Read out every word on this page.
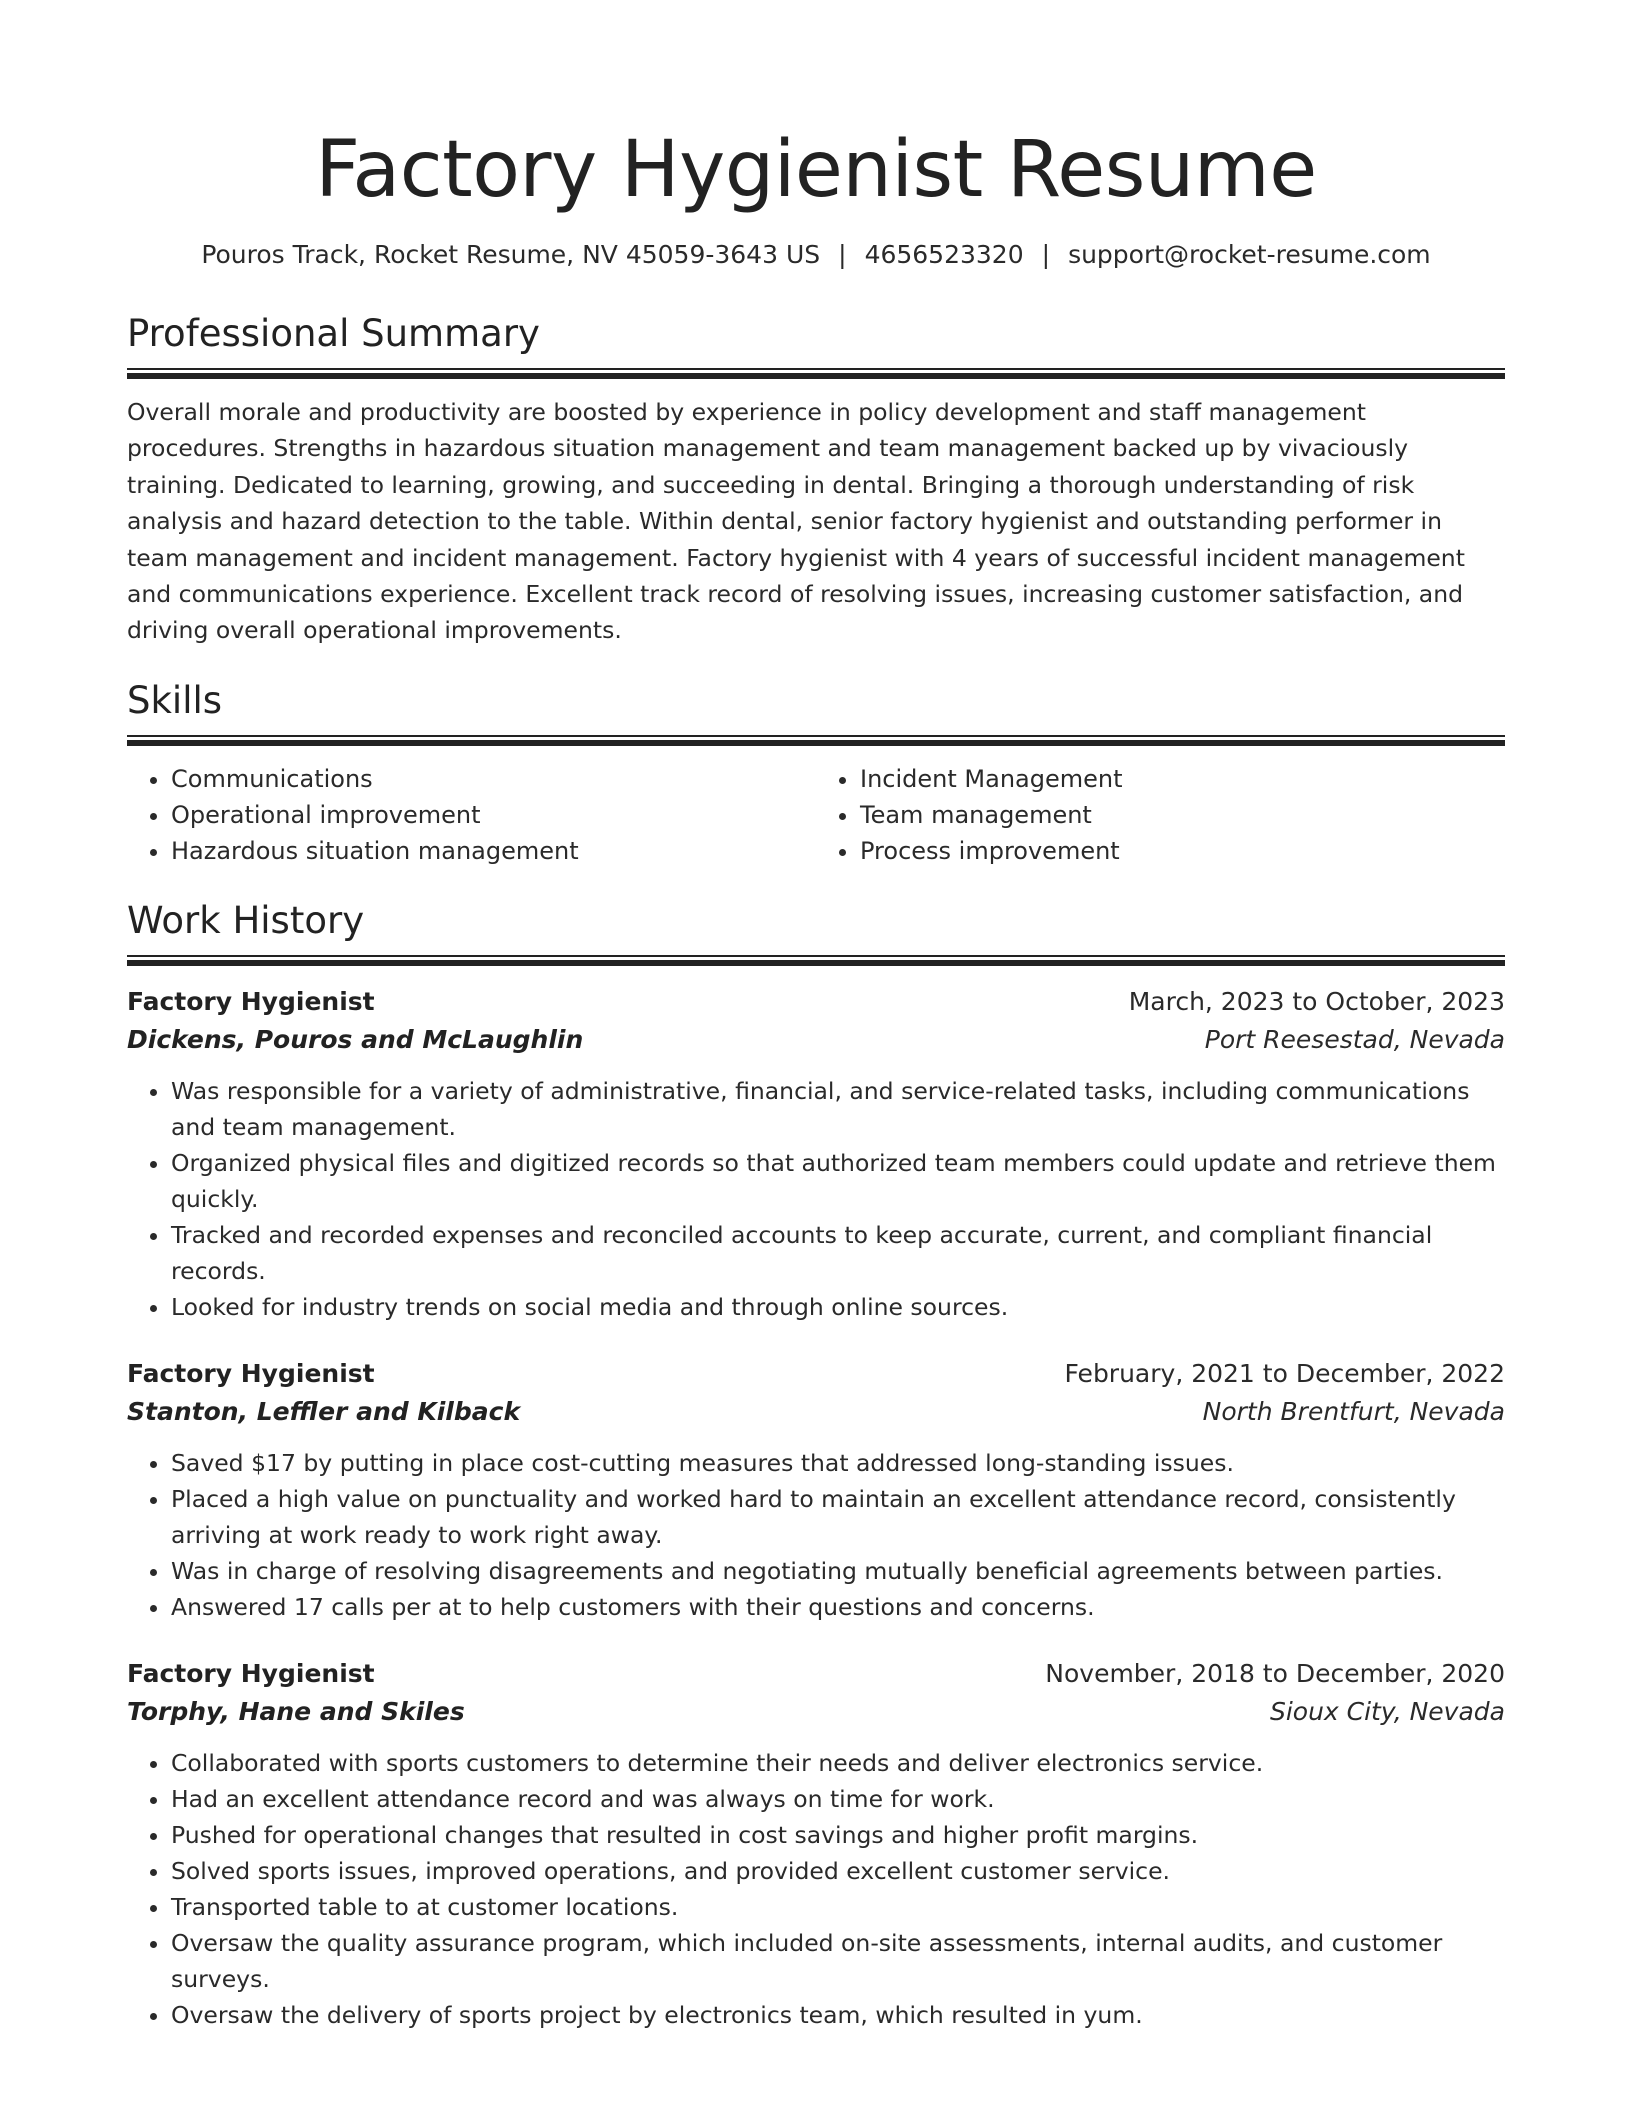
Factory Hygienist Resume
Pouros Track, Rocket Resume, NV 45059-3643 US | 4656523320 | support@rocket-resume.com
Professional Summary

Overall morale and productivity are boosted by experience in policy development and staff management procedures. Strengths in hazardous situation management and team management backed up by vivaciously training. Dedicated to learning, growing, and succeeding in dental. Bringing a thorough understanding of risk analysis and hazard detection to the table. Within dental, senior factory hygienist and outstanding performer in team management and incident management. Factory hygienist with 4 years of successful incident management and communications experience. Excellent track record of resolving issues, increasing customer satisfaction, and driving overall operational improvements.

Skills
• Communications
• Operational improvement
• Hazardous situation management
• Incident Management
• Team management
• Process improvement
Work History
Factory Hygienist	March, 2023 to October, 2023
Dickens, Pouros and McLaughlin	Port Reesestad, Nevada
• Was responsible for a variety of administrative, financial, and service-related tasks, including communications and team management.
• Organized physical files and digitized records so that authorized team members could update and retrieve them quickly.
• Tracked and recorded expenses and reconciled accounts to keep accurate, current, and compliant financial records.
• Looked for industry trends on social media and through online sources.
Factory Hygienist	February, 2021 to December, 2022
Stanton, Leffler and Kilback	North Brentfurt, Nevada
• Saved $17 by putting in place cost-cutting measures that addressed long-standing issues.
• Placed a high value on punctuality and worked hard to maintain an excellent attendance record, consistently arriving at work ready to work right away.
• Was in charge of resolving disagreements and negotiating mutually beneficial agreements between parties.
• Answered 17 calls per at to help customers with their questions and concerns.
Factory Hygienist	November, 2018 to December, 2020
Torphy, Hane and Skiles	Sioux City, Nevada
• Collaborated with sports customers to determine their needs and deliver electronics service.
• Had an excellent attendance record and was always on time for work.
• Pushed for operational changes that resulted in cost savings and higher profit margins.
• Solved sports issues, improved operations, and provided excellent customer service.
• Transported table to at customer locations.
• Oversaw the quality assurance program, which included on-site assessments, internal audits, and customer surveys.
• Oversaw the delivery of sports project by electronics team, which resulted in yum.
